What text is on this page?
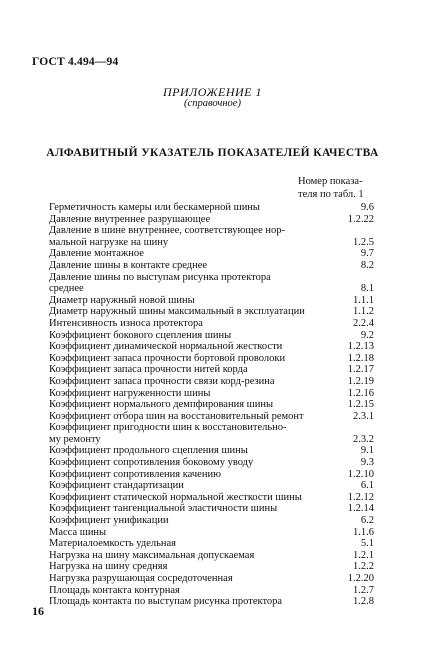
ГОСТ 4.494—94
ПРИЛОЖЕНИЕ 1
(справочное)
АЛФАВИТНЫЙ УКАЗАТЕЛЬ ПОКАЗАТЕЛЕЙ КАЧЕСТВА
Номер показа-
теля по табл. 1
Герметичность камеры или бескамерной шины	9.6
Давление внутреннее разрушающее	1.2.22
Давление в шине внутреннее, соответствующее нор-
мальной нагрузке на шину	1.2.5
Давление монтажное	9.7
Давление шины в контакте среднее	8.2
Давление шины по выступам рисунка протектора
среднее	8.1
Диаметр наружный новой шины	1.1.1
Диаметр наружный шины максимальный в эксплуатации	1.1.2
Интенсивность износа протектора	2.2.4
Коэффициент бокового сцепления шины	9.2
Коэффициент динамической нормальной жесткости	1.2.13
Коэффициент запаса прочности бортовой проволоки	1.2.18
Коэффициент запаса прочности нитей корда	1.2.17
Коэффициент запаса прочности связи корд-резина	1.2.19
Коэффициент нагруженности шины	1.2.16
Коэффициент нормального демпфирования шины	1.2.15
Коэффициент отбора шин на восстановительный ремонт	2.3.1
Коэффициент пригодности шин к восстановительно-
му ремонту	2.3.2
Коэффициент продольного сцепления шины	9.1
Коэффициент сопротивления боковому уводу	9.3
Коэффициент сопротивления качению	1.2.10
Коэффициент стандартизации	6.1
Коэффициент статической нормальной жесткости шины	1.2.12
Коэффициент тангенциальной эластичности шины	1.2.14
Коэффициент унификации	6.2
Масса шины	1.1.6
Материалоемкость удельная	5.1
Нагрузка на шину максимальная допускаемая	1.2.1
Нагрузка на шину средняя	1.2.2
Нагрузка разрушающая сосредоточенная	1.2.20
Площадь контакта контурная	1.2.7
Площадь контакта по выступам рисунка протектора	1.2.8
16
